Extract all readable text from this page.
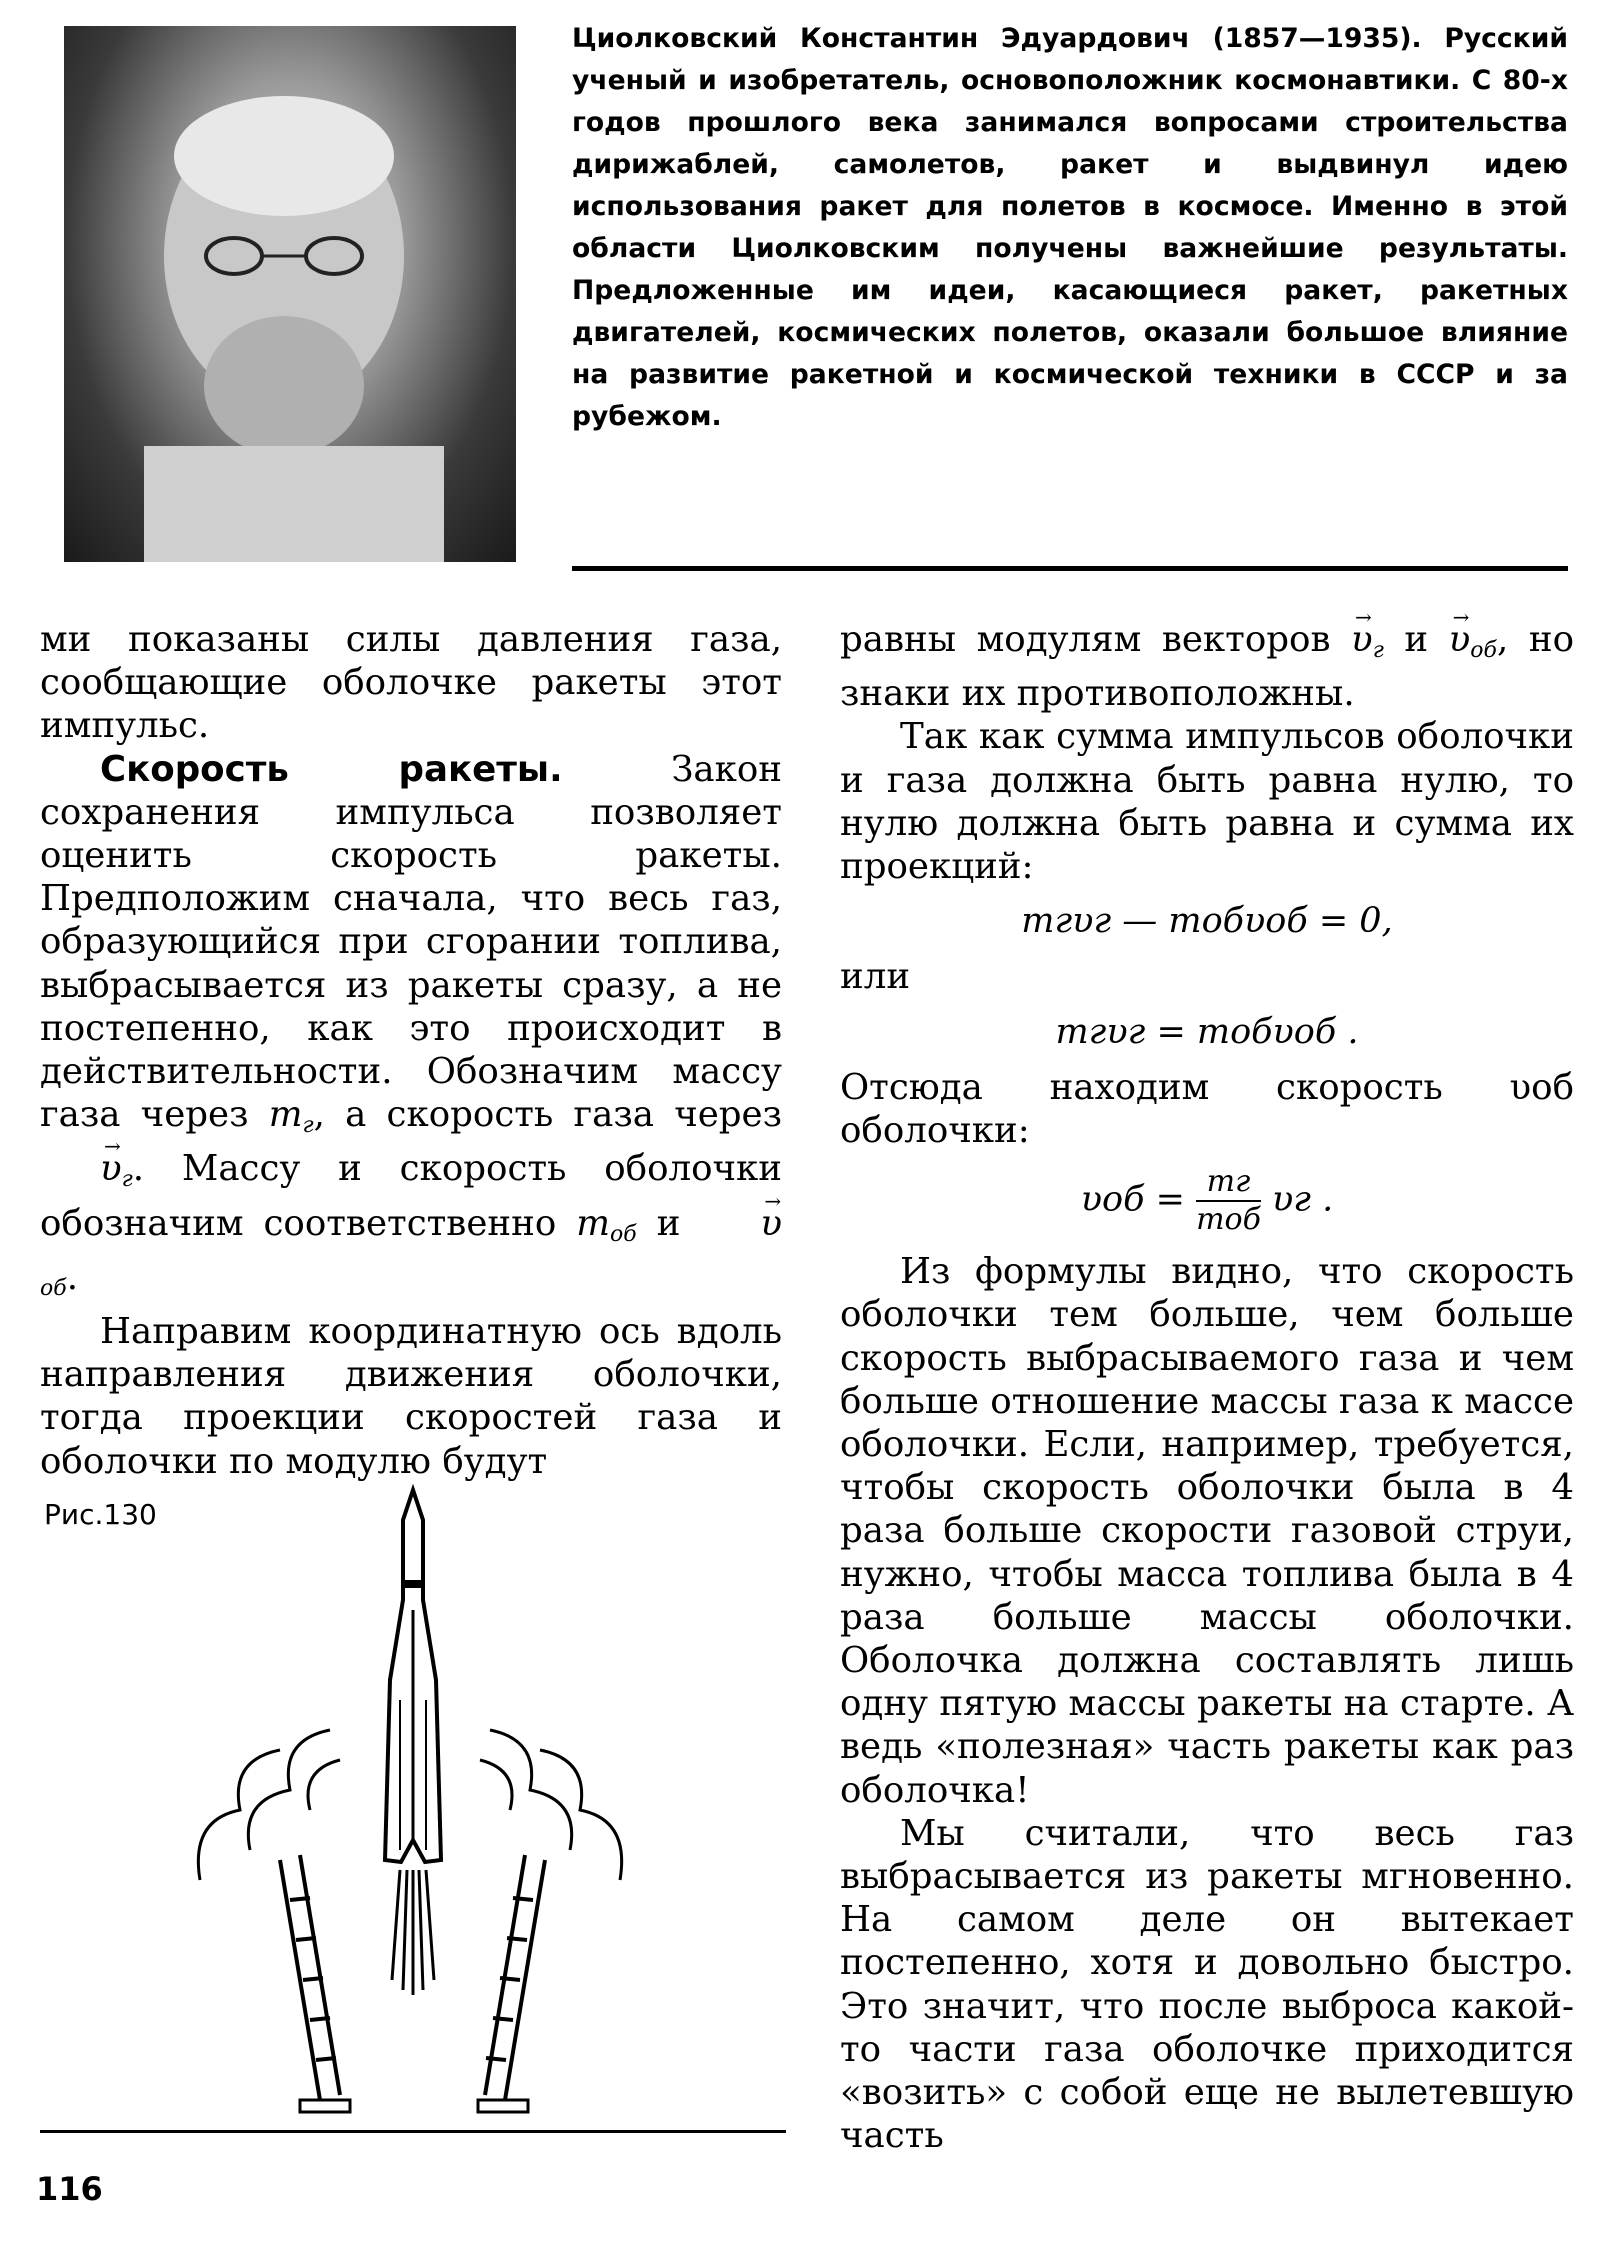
Циолковский Константин Эдуардович (1857—1935). Русский ученый и изобретатель, основоположник космонавтики. С 80-х годов прошлого века занимался вопросами строительства дирижаблей, самолетов, ракет и выдвинул идею использования ракет для полетов в космосе. Именно в этой области Циолковским получены важнейшие результаты. Предложенные им идеи, касающиеся ракет, ракетных двигателей, космических полетов, оказали большое влияние на развитие ракетной и космической техники в СССР и за рубежом.

ми показаны силы давления газа, сообщающие оболочке ракеты этот импульс.

Скорость ракеты.	Закон сохранения импульса позволяет оценить скорость ракеты. Предположим сначала, что весь газ, образующийся при сгорании топлива, выбрасывается из ракеты сразу, а не постепенно, как это происходит в действительности. Обозначим массу газа через $m_г$, а скорость газа через → $\upsilon_г$. Массу и скорость оболочки обозначим соответственно $m_{об}$ $и \to \upsilon_{об}$.

Направим координатную ось вдоль направления движения оболочки, тогда проекции скоростей газа и оболочки по модулю будут

равны модулям векторов → $\upsilon_г$ $и \to \upsilon_{об}$, но знаки их противоположны.

Так как сумма импульсов оболочки и газа должна быть равна нулю, то нулю должна быть равна и сумма их проекций:

mгυг — mобυоб = 0,
или
mгυг = mобυоб .

Отсюда находим скорость υоб оболочки:

$\upsilon об = \frac{mг}{\text{mоб}}$ υг .

Из формулы видно, что скорость оболочки тем больше, чем больше скорость выбрасываемого газа и чем больше отношение массы газа к массе оболочки. Если, например, требуется, чтобы скорость оболочки была в 4 раза больше скорости газовой струи, нужно, чтобы масса топлива была в 4 раза больше массы оболочки. Оболочка должна составлять лишь одну пятую массы ракеты на старте. А ведь «полезная» часть ракеты как раз оболочка!

Мы считали, что весь газ выбрасывается из ракеты мгновенно. На самом деле он вытекает постепенно, хотя и довольно быстро. Это значит, что после выброса какой-то части газа оболочке приходится «возить» с собой еще не вылетевшую часть

Рис.130
116
